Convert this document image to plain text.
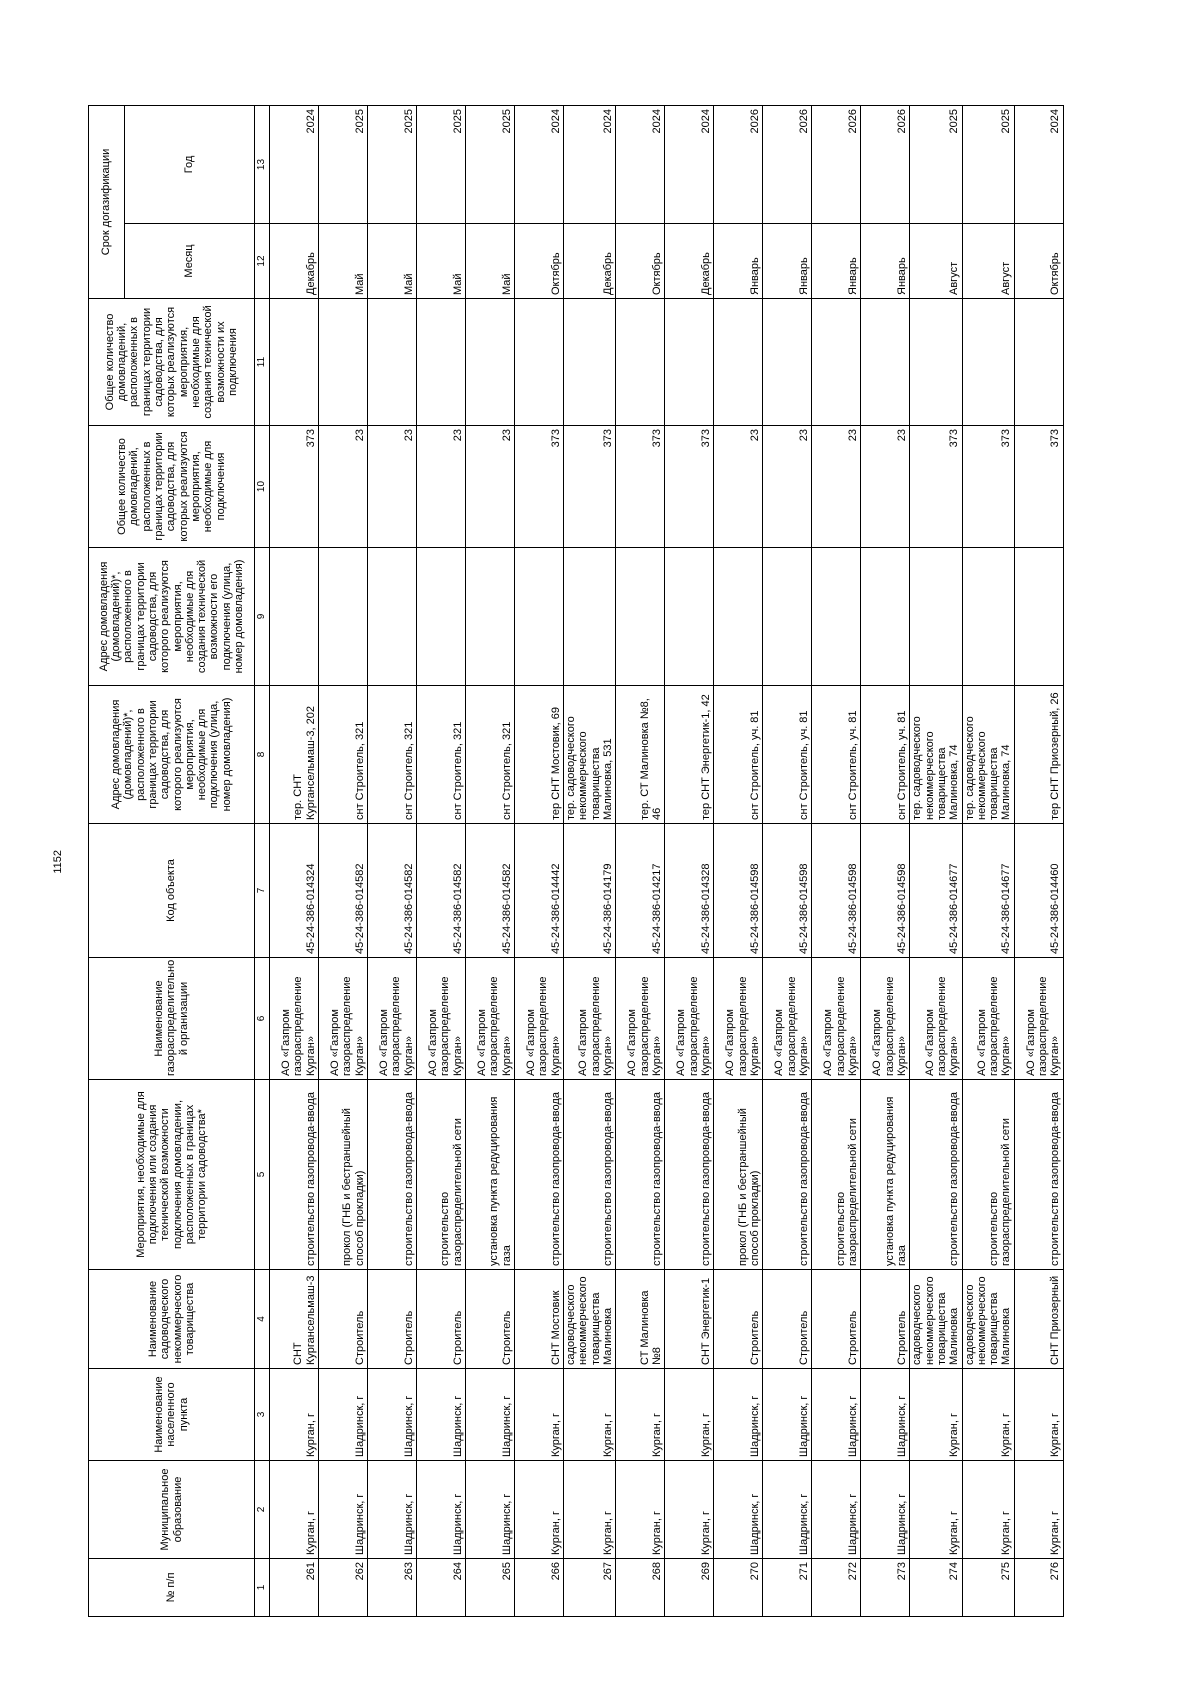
1152
№ п/п	Муниципальное образование	Наименование населенного пункта	Наименование садоводческого некоммерческого товарищества	Мероприятия, необходимые для подключения или создания технической возможности подключения домовладении, расположенных в границах территории садоводства*	Наименование газораспределительно й организации	Код объекта	Адрес домовладения (домовладений)*, расположенного в границах территории садоводства, для которого реализуются мероприятия, необходимые для подключения (улица, номер домовладения)	Адрес домовладения (домовладений)*, расположенного в границах территории садоводства, для которого реализуются мероприятия, необходимые для создания технической возможности его подключения (улица, номер домовладения)	Общее количество домовладений, расположенных в границах территории садоводства, для которых реализуются мероприятия, необходимые для подключения	Общее количество домовладений, расположенных в границах территории садоводства, для которых реализуются мероприятия, необходимые для создания технической возможности их подключения	Срок догазификации	
											Месяц	Год
1	2	3	4	5	6	7	8	9	10	11	12	13
261	Курган, г	Курган, г	СНТ Кургансельмаш-3	строительство газопровода-ввода	АО «Газпром газораспределение Курган»	45-24-386-014324	тер. СНТ Кургансельмаш-3, 202		373		Декабрь	2024
262	Шадринск, г	Шадринск, г	Строитель	прокол (ГНБ и бестраншейный способ прокладки)	АО «Газпром газораспределение Курган»	45-24-386-014582	снт Строитель, 321		23		Май	2025
263	Шадринск, г	Шадринск, г	Строитель	строительство газопровода-ввода	АО «Газпром газораспределение Курган»	45-24-386-014582	снт Строитель, 321		23		Май	2025
264	Шадринск, г	Шадринск, г	Строитель	строительство газораспределительной сети	АО «Газпром газораспределение Курган»	45-24-386-014582	снт Строитель, 321		23		Май	2025
265	Шадринск, г	Шадринск, г	Строитель	установка пункта редуцирования газа	АО «Газпром газораспределение Курган»	45-24-386-014582	снт Строитель, 321		23		Май	2025
266	Курган, г	Курган, г	СНТ Мостовик	строительство газопровода-ввода	АО «Газпром газораспределение Курган»	45-24-386-014442	тер СНТ Мостовик, 69		373		Октябрь	2024
267	Курган, г	Курган, г	садоводческого некоммерческого товарищества Малиновка	строительство газопровода-ввода	АО «Газпром газораспределение Курган»	45-24-386-014179	тер. садоводческого некоммерческого товарищества Малиновка, 531		373		Декабрь	2024
268	Курган, г	Курган, г	СТ Малиновка №8	строительство газопровода-ввода	АО «Газпром газораспределение Курган»	45-24-386-014217	тер. СТ Малиновка №8, 46		373		Октябрь	2024
269	Курган, г	Курган, г	СНТ Энергетик-1	строительство газопровода-ввода	АО «Газпром газораспределение Курган»	45-24-386-014328	тер СНТ Энергетик-1, 42		373		Декабрь	2024
270	Шадринск, г	Шадринск, г	Строитель	прокол (ГНБ и бестраншейный способ прокладки)	АО «Газпром газораспределение Курган»	45-24-386-014598	снт Строитель, уч. 81		23		Январь	2026
271	Шадринск, г	Шадринск, г	Строитель	строительство газопровода-ввода	АО «Газпром газораспределение Курган»	45-24-386-014598	снт Строитель, уч. 81		23		Январь	2026
272	Шадринск, г	Шадринск, г	Строитель	строительство газораспределительной сети	АО «Газпром газораспределение Курган»	45-24-386-014598	снт Строитель, уч. 81		23		Январь	2026
273	Шадринск, г	Шадринск, г	Строитель	установка пункта редуцирования газа	АО «Газпром газораспределение Курган»	45-24-386-014598	снт Строитель, уч. 81		23		Январь	2026
274	Курган, г	Курган, г	садоводческого некоммерческого товарищества Малиновка	строительство газопровода-ввода	АО «Газпром газораспределение Курган»	45-24-386-014677	тер. садоводческого некоммерческого товарищества Малиновка, 74		373		Август	2025
275	Курган, г	Курган, г	садоводческого некоммерческого товарищества Малиновка	строительство газораспределительной сети	АО «Газпром газораспределение Курган»	45-24-386-014677	тер. садоводческого некоммерческого товарищества Малиновка, 74		373		Август	2025
276	Курган, г	Курган, г	СНТ Приозерный	строительство газопровода-ввода	АО «Газпром газораспределение Курган»	45-24-386-014460	тер СНТ Приозерный, 26		373		Октябрь	2024
